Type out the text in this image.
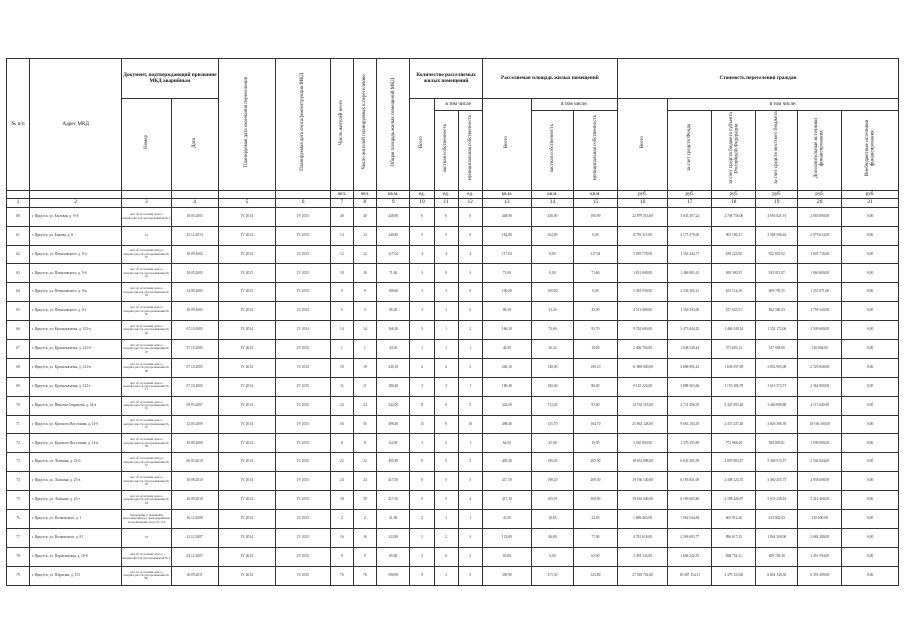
№ п/п	Адрес МКД	Документ, подтверждающий признание МКД аварийным		Планируемая дата окончания переселения	Планируемая дата сноса/реконструкции МКД	Число жителей всего	Число жителей планируемых к переселению	Общая площадь жилых помещений МКД	Количество расселяемых жилых помещений			Расселяемая площадь жилых помещений			Стоимость переселения граждан					
		Номер	Дата						Всего	в том числе		Всего	в том числе:		Всего	в том числе:				
										частная собственность	муниципальная собственность		частная собственность	муниципальная собственность		за счет средств Фонда	за счет средств бюджета субъекта Российской Федерации	за счет средств местного бюджета	Дополнительные источники финансирования	Внебюджетные источники финансирования
						чел.	чел.	кв.м.	ед.	ед.	ед.	кв.м.	кв.м.	кв.м.	руб.	руб.	руб.	руб.	руб.	руб.
1	2	3	4	5	6	7	8	9	10	11	12	13	14	15	16	17	18	19	20	21
60	г. Иркутск, ул. Бытовая, д. 9-А	Акт об отселении дома о непригодности для проживания № 1	18.05.2005	IV 2014	IV 2015	40	40	448,90	6	6	0	448,90	256,00	190,90	22 879 516,00	5 043 307,22	2 768 756,06	4 956 021,91	2 865 800,00	0,00
61	г. Иркутск, ул. Бажова, д. 8	01	25.12.2013	IV 2014	IV 2015	14	14	240,80	5	5	0	162,80	162,80	0,00	8 793 311,00	3 173 370,00	903 186,31	2 568 506,62	2 979 614,00	0,00
62	г. Иркутск, ул. Помяловского, д. 9-а	Акт об отселении дома о непригодности для проживания № 07	18.09.2002	IV 2014	IV 2015	12	12	117,04	4	4	4	117,04	0,00	117,04	5 839 778,00	1 356 244,77	638 223,90	952 801,02	1 803 716,00	0,00
63	г. Иркутск, ул. Помяловского, д. 9-б	Акт об отселении дома о непригодности для проживания № 02	18.05.2005	IV 2015	IV 2015	18	18	71,60	3	0	3	71,60	0,00	71,60	3 831 008,00	1 486 901,61	658 390,55	925 015,87	1 060 600,00	0,00
64	г. Иркутск, ул. Помяловского, д. 9-в	Акт об отселении дома о непригодности для проживания № 03	14.09.2005	IV 2015	IV 2015	9	9	100,60	3	3	0	100,60	100,60	0,00	5 302 939,00	2 336 305,21	651 112,50	869 795,55	1 353 971,00	0,00
65	г. Иркутск, ул. Помяловского, д. 9-г	Акт об отселении дома о непригодности для проживания № 05	30.09.2005	IV 2014	IV 2014	5	5	86,30	3	1	2	86,30	31,30	45,00	4 511 688,00	1 356 593,06	537 635,51	862 586,43	1 759 320,00	0,00
66	г. Иркутск, ул. Красноказачья, д. 123-а	Акт об отселении дома о непригодности для проживания № 06	07.10.2005	IV 2014	IV 2014	14	14	166,30	3	1	2	166,30	72,60	93,70	9 762 600,00	3 473 844,25	1 466 540,34	1 352 172,06	3 509 600,00	0,00
67	г. Иркутск, ул. Красноказачья, д. 123-б	Акт об отселении дома о непригодности для проживания № 07	07.10.2005	IV 2014	IV 2015	1	1	44,30	1	1	1	44,30	26,32	18,00	2 406 704,00	1 048 549,44	371 603,13	527 938,00	510 604,00	0,00
68	г. Иркутск, ул. Красноказачья, д. 123-в	Акт об отселении дома о непригодности для проживания № 08	07.10.2005	IV 2014	IV 2014	18	18	240,10	4	4	2	240,10	140,00	100,10	11 869 000,00	4 808 965,23	1 636 597,69	2 802 905,08	2 729 828,00	0,00
69	г. Иркутск, ул. Красноказачья, д. 123-г	Акт об отселении дома о непригодности для проживания № 11	07.10.2005	IV 2014	IV 2015	11	11	180,40	3	3	1	180,40	100,40	80,00	9 145 224,00	3 888 363,66	1 155 386,78	1 613 573,57	2 364 900,00	0,00
70	г. Иркутск, ул. Николая Гаврилова, д. 34-а	Акт об отселении дома о непригодности для проживания № 01	09.03.2007	IV 2014	IV 2015	24	24	342,00	11	6	5	342,00	172,40	95,00	14 763 518,00	5 731 496,55	2 425 393,40	3 460 898,80	4 117 649,00	0,00
71	г. Иркутск, ул. Красного Восстания, д. 14-б	Акт об отселении дома о непригодности для проживания № 37	12.05.2009	IV 2014	IV 2015	56	56	498,40	15	9	10	498,40	315,70	164,70	25 863 128,00	9 663 104,35	2 437 237,28	3 826 386,39	10 166 300,00	0,00
72	г. Иркутск, ул. Красного Восстания, д. 14-в	Акт об отселении дома о непригодности для проживания № 38	18.09.2009	IV 2014	IV 2015	8	8	64,50	3	2	1	64,50	45,00	19,50	3 526 900,00	1 370 355,85	772 968,49	584 803,01	1 599 000,00	0,00
73	г. Иркутск, ул. Лыткина, д. 23-б	Акт об отселении дома о непригодности для проживания № 27	06.03.2010	IV 2014	IV 2015	22	22	405,40	8	5	3	405,40	196,20	205,90	18 653 808,00	6 643 565,59	2 897 883,07	5 408 513,57	5 504 844,00	0,00
74	г. Иркутск, ул. Лыткина, д. 23-в	Акт об отселении дома о непригодности для проживания № 28	30.08.2010	IV 2014	IV 2015	24	24	417,50	8	5	3	417,50	198,20	209,30	19 166 540,00	6 183 831,06	2 408 123,55	5 460 455,75	4 938 608,00	0,00
75	г. Иркутск, ул. Лыткина, д. 23-г	Акт об отселении дома о непригодности для проживания № 29	30.09.2010	IV 2014	IV 2015	39	39	417,10	9	5	4	417,10	105,91	300,90	19 616 640,00	6 169 605,86	2 398 426,87	5 633 238,16	5 414 400,00	0,00
76	г. Иркутск, ул. Волконского, д. 1	Заключение о признании многоквартирного дома аварийным и подлежащим сносу № 174	16.12.2008	IV 2014	IV 2015	2	2	41,00	2	1	1	41,00	16,85	22,03	1 689 465,00	1 062 044,84	603 912,26	613 802,63	410 600,00	0,00
77	г. Иркутск, ул. Волконского, д. 81	33	12.12.2007	IV 2014	IV 2015	16	16	123,80	5	2	3	123,80	46,80	77,00	4 781 618,00	2 296 693,77	896 617,35	1 844 300,00	2 684 280,00	0,00
78	г. Иркутск, ул. Партизанская, д. 19-б	Акт об отселении дома о непригодности для проживания № 3	04.12.2007	IV 2014	IV 2015	9	9	65,00	3	0	3	65,00	0,00	65,00	3 493 343,00	1 668 342,55	868 754,11	699 749,38	1 451 594,00	0,00
79	г. Иркутск, ул. Партизан, д. 153	Акт об отселении дома о непригодности для проживания № 301	30.09.2011	IV 2014	IV 2015	76	76	390,90	8	2	5	390,90	271,30	323,80	27 018 702,00	10 387 154,13	3 479 123,60	6 801 146,56	6 391 209,00	0,00
